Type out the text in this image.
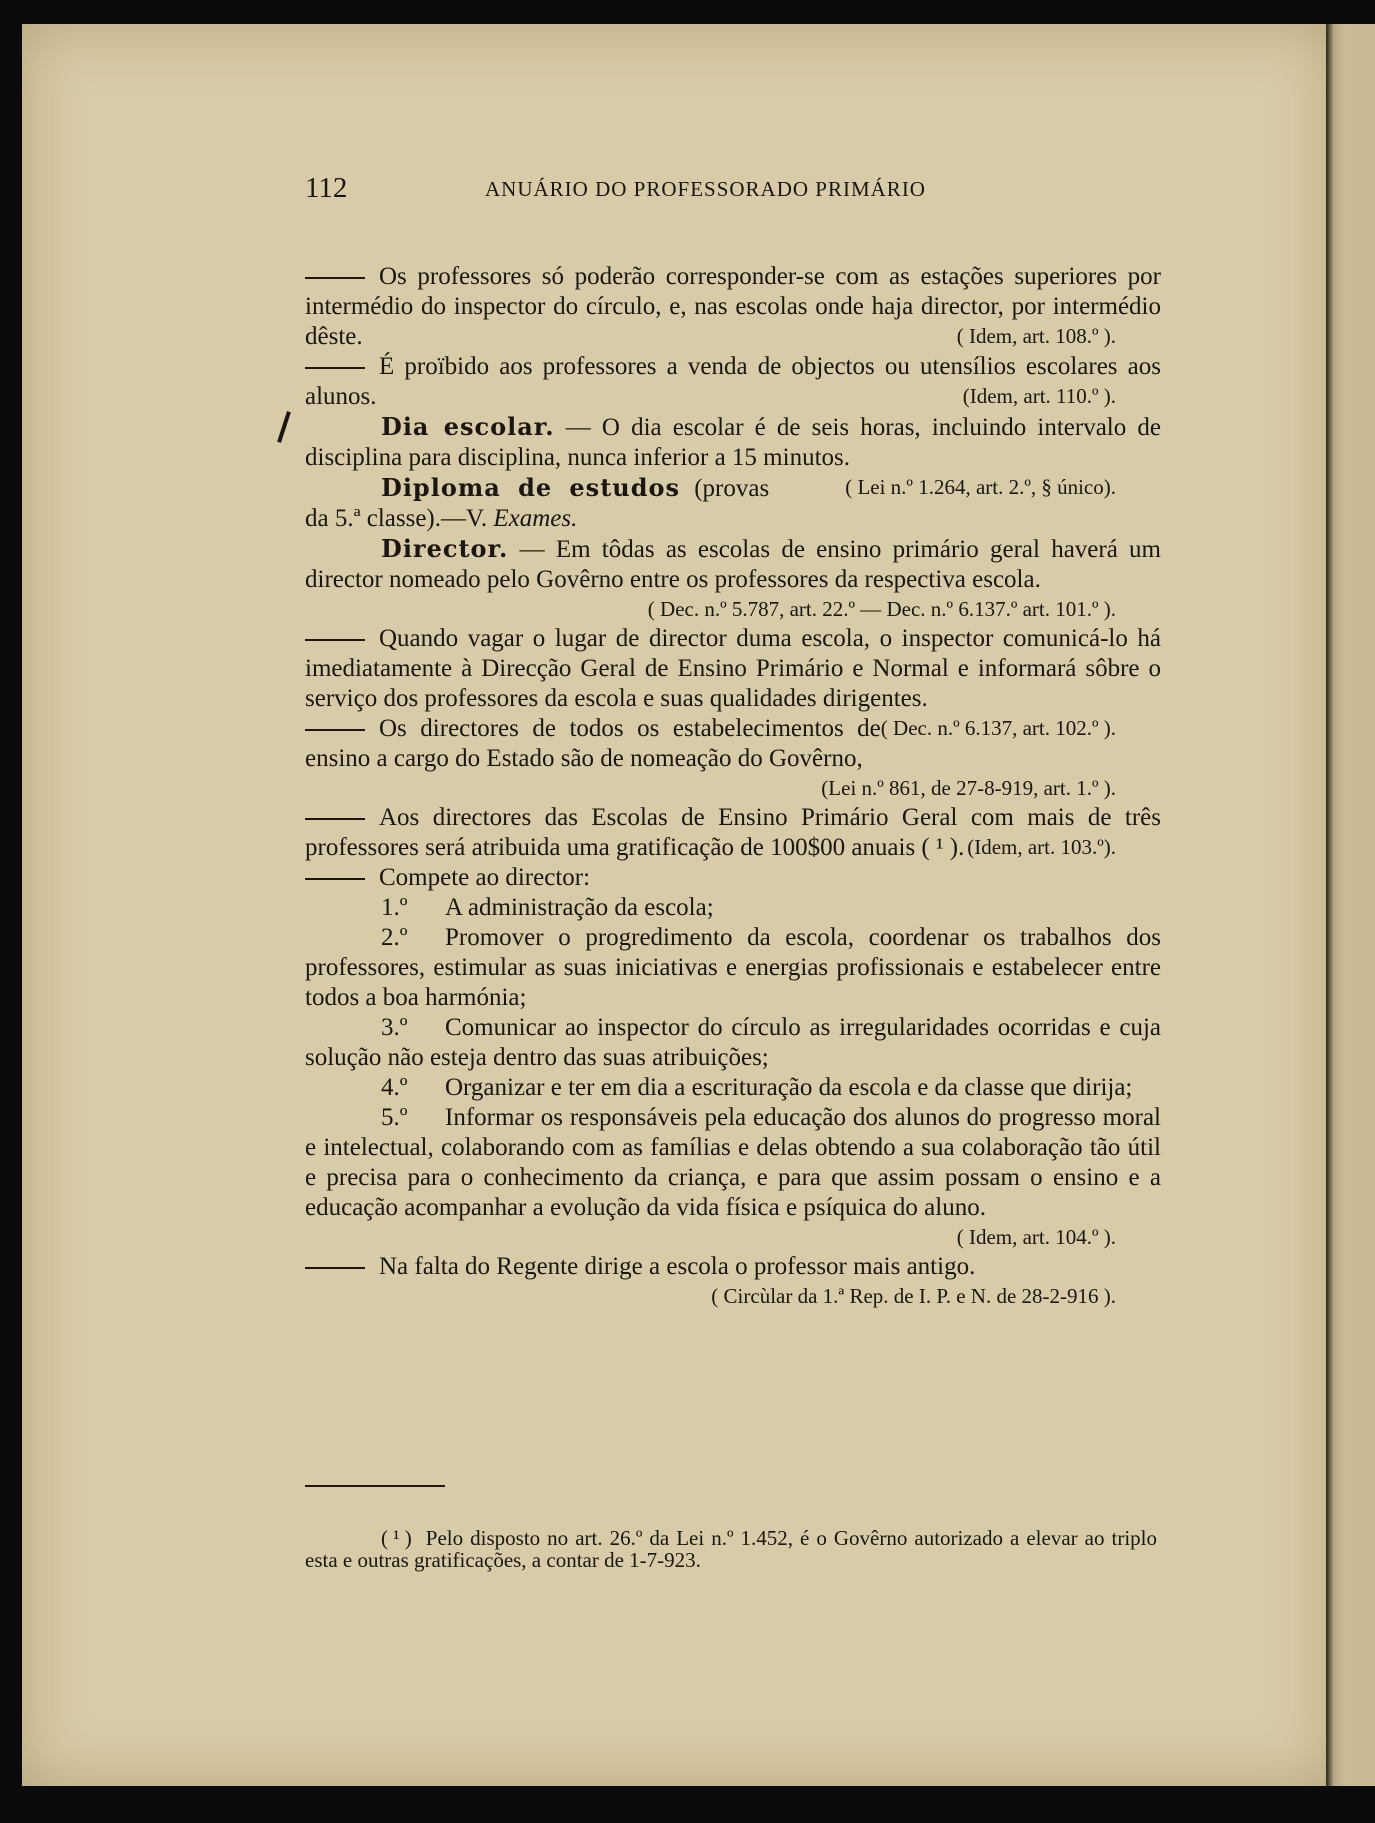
112	ANUÁRIO DO PROFESSORADO PRIMÁRIO

Os professores só poderão corresponder-se com as estações superiores por intermédio do inspector do círculo, e, nas escolas onde haja director, por intermédio dêste.	( Idem, art. 108.º ).

É proïbido aos professores a venda de objectos ou utensílios escolares aos alunos.	(Idem, art. 110.º ).

Dia escolar. — O dia escolar é de seis horas, incluindo intervalo de disciplina para disciplina, nunca inferior a 15 minutos.
( Lei n.º 1.264, art. 2.º, § único).

Diploma de estudos (provas da 5.ª classe).—V. Exames.

Director. — Em tôdas as escolas de ensino primário geral haverá um director nomeado pelo Govêrno entre os professores da respectiva escola.

( Dec. n.º 5.787, art. 22.º — Dec. n.º 6.137.º art. 101.º ).

Quando vagar o lugar de director duma escola, o inspector comunicá-lo há imediatamente à Direcção Geral de Ensino Primário e Normal e informará sôbre o serviço dos professores da escola e suas qualidades dirigentes.
( Dec. n.º 6.137, art. 102.º ).

Os directores de todos os estabelecimentos de ensino a cargo do Estado são de nomeação do Govêrno,

(Lei n.º 861, de 27-8-919, art. 1.º ).

Aos directores das Escolas de Ensino Primário Geral com mais de três professores será atribuida uma gratificação de 100$00 anuais ( ¹ ). (Idem, art. 103.º).

Compete ao director:

1.º A administração da escola;

2.º Promover o progredimento da escola, coordenar os trabalhos dos professores, estimular as suas iniciativas e energias profissionais e estabelecer entre todos a boa harmónia;

3.º Comunicar ao inspector do círculo as irregularidades ocorridas e cuja solução não esteja dentro das suas atribuições;

4.º Organizar e ter em dia a escrituração da escola e da classe que dirija;

5.º Informar os responsáveis pela educação dos alunos do progresso moral e intelectual, colaborando com as famílias e delas obtendo a sua colaboração tão útil e precisa para o conhecimento da criança, e para que assim possam o ensino e a educação acompanhar a evolução da vida física e psíquica do aluno.

( Idem, art. 104.º ).

Na falta do Regente dirige a escola o professor mais antigo.

( Circùlar da 1.ª Rep. de I. P. e N. de 28-2-916 ).
( ¹ ) Pelo disposto no art. 26.º da Lei n.º 1.452, é o Govêrno autorizado a elevar ao triplo esta e outras gratificações, a contar de 1-7-923.
